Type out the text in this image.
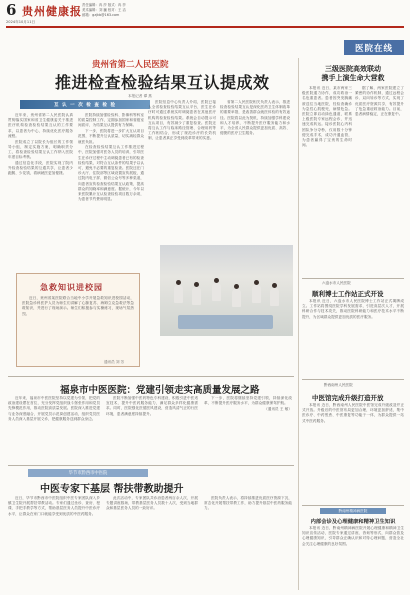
6 贵州健康报 责任编辑：冉 莎 版式：冉 莎
美术编辑：刘 巍 校对：王 洁
邮箱：gzjkb@163.com
2024年10月11日
医院在线
贵州省第二人民医院
推进检查检验结果互认提成效
本报记者 谭 燕
互 认 一 次 检 查 检 验

近年来，贵州省第二人民医院认真贯彻落实国家和省卫生健康委关于推进医疗机构检查检验结果互认的工作要求，以患者为中心，持续优化医疗服务流程。

医院成立了以院长为组长的工作领导小组，制定实施方案，明确职责分工，将检查检验结果互认工作纳入医院年度目标考核。

通过信息化手段，医院实现了院内外检查检验结果的互通共享，让患者少跑腿、少花钱，看病就医更加便捷。

医院持续加强检验科、影像科等科室的质量控制工作，定期参加国家和省级室间质评，为结果互认提供有力保障。

下一步，医院将进一步扩大互认项目范围，不断提升互认质量，切实减轻群众就医负担。

在检查检验结果互认工作推进过程中，医院加强对医务人员的培训，引导医生在诊疗过程中主动调阅患者已有的检查检验结果，对符合互认条件的结果予以认可，避免不必要的重复检查。医院还在门诊大厅、住院部等区域设置宣传展板，通过院内电子屏、微信公众号等多种渠道，向患者宣传检查检验结果互认政策，提高群众的知晓率和满意度。据统计，今年以来医院累计互认检查检验项目数万余项，为患者节约费用明显。

医院信息中心负责人介绍，医院已接入全省检查检验结果互认平台，医生在诊疗时可通过系统实时调阅患者在其他医疗机构的检查检验结果。系统会自动提示可互认项目，有效减少了重复检查。医院还将互认工作与临床路径管理、合理用药等工作相结合，形成了规范诊疗的长效机制，让患者真正享受到改革带来的实惠。

省第二人民医院相关负责人表示，推进检查检验结果互认是深化医药卫生体制改革的重要举措，是改善群众就医体验的有效途径。医院将以此为契机，持续加强学科建设和人才培养，不断提升医疗服务能力和水平，为全省人民群众提供更加优质、高效、便捷的医疗卫生服务。

急救知识进校园

近日，贵州省某医院联合当地中小学开展急救知识进校园活动，医院急诊科医护人员为师生们讲解了心肺复苏、海姆立克急救法等急救知识，并进行了现场演示。师生们积极参与实操练习，现场气氛热烈。

通讯员 刘 芳
福泉市中医医院：党建引领走实高质量发展之路

近年来，福泉市中医医院坚持以党建为引领，把党的政治建设摆在首位，充分发挥党组织战斗堡垒作用和党员先锋模范作用，推动医院高质量发展。医院深入推进党建与业务深度融合，开展党员示范岗创建活动，组织党员医务人员深入基层开展义诊，把健康服务送到群众身边。

医院不断加强中医药特色专科建设，积极引进中医适宜技术，提升中医药服务能力，满足群众多样化健康需求。同时，医院强化医德医风建设，营造风清气正的行医环境，患者满意度持续提升。

下一步，医院将继续坚持党建引领，持续深化改革，不断提升医疗服务水平，为群众健康保驾护航。

（通讯员 王 敏）

毕节市黔西市中医院
中医专家下基层 帮扶带教助提升

近日，毕节市黔西市中医院组织中医专家团队深入乡镇卫生院开展帮扶带教活动。专家们通过坐诊、查房、授课、手把手教学等方式，帮助基层医务人员提升中医诊疗水平，让群众在家门口就能享受到优质的中医药服务。

此次活动中，专家团队共诊治患者两百余人次，开展专题讲座数场，带教基层医务人员数十人次，受到当地群众和基层医务人员的一致好评。

医院负责人表示，将持续推进优质医疗资源下沉，常态化开展帮扶带教工作，助力提升基层中医药服务能力。

三级医院高效联动
携手上演生命大营救

本报讯 近日，某市两家三级医院通力协作，成功救治一名危重患者。患者因突发胸痛被送往当地医院，经检查确诊为急性心肌梗死，病情危急。医院立即启动绿色通道，联系上级医院专家远程会诊，并迅速完成转运。接诊医院心内科团队争分夺秒，仅用数十分钟便完成手术，成功开通血管，为患者赢得了宝贵的生命时间。

据了解，两家医院建立了紧密的协作机制，通过远程会诊、双向转诊等方式，实现了优质医疗资源共享，有效提升了危急重症救治能力。目前，患者病情稳定，正在康复中。

六盘水市人民医院
顺利博士工作站正式开设

本报讯 近日，六盘水市人民医院博士工作站正式揭牌成立。工作站将围绕医院学科发展需求，引进高层次人才，开展科研合作与技术攻关，推动医院科研能力和医疗技术水平不断提升，为区域群众提供更加优质的医疗服务。

黔西南州人民医院
中医馆完成升级打造开放

本报讯 近日，黔西南州人民医院中医馆完成升级改造并正式开放。升级后的中医馆布局更加合理，环境更加舒适，集中医诊疗、中药煎煮、中医康复等功能于一体，为群众提供一站式中医药服务。

黔南州精神病医院
内部会诊及心理健康和精神卫生知识

本报讯 近日，黔南州精神病医院开展心理健康和精神卫生知识宣传活动，医院专家通过讲座、咨询等形式，向群众普及心理健康知识，引导群众正确认识和对待心理问题，营造全社会关注心理健康的良好氛围。
